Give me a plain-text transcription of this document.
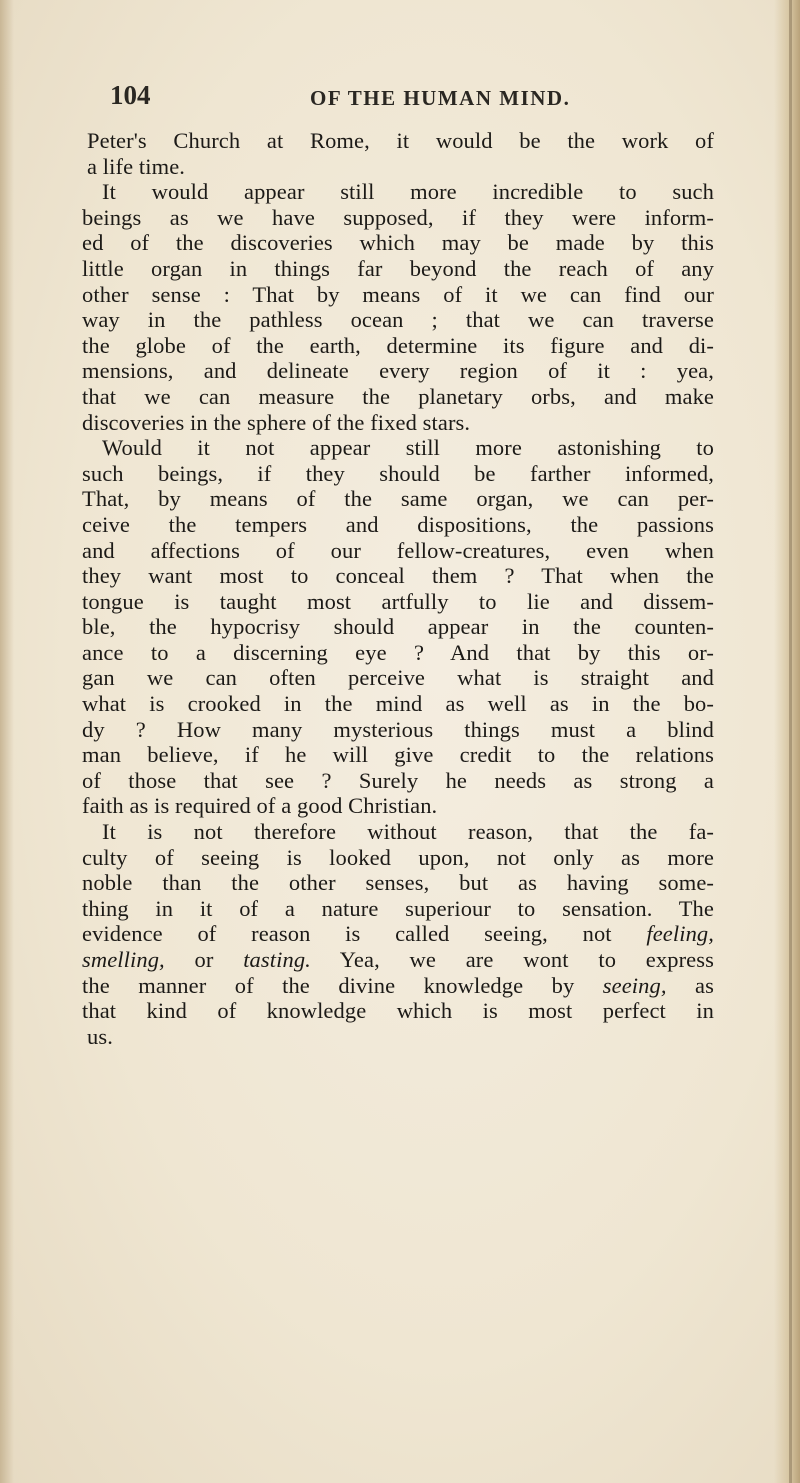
104	OF THE HUMAN MIND.
Peter's Church at Rome, it would be the work of
a life time.
It would appear still more incredible to such
beings as we have supposed, if they were inform-
ed of the discoveries which may be made by this
little organ in things far beyond the reach of any
other sense : That by means of it we can find our
way in the pathless ocean ; that we can traverse
the globe of the earth, determine its figure and di-
mensions, and delineate every region of it : yea,
that we can measure the planetary orbs, and make
discoveries in the sphere of the fixed stars.
Would it not appear still more astonishing to
such beings, if they should be farther informed,
That, by means of the same organ, we can per-
ceive the tempers and dispositions, the passions
and affections of our fellow-creatures, even when
they want most to conceal them ? That when the
tongue is taught most artfully to lie and dissem-
ble, the hypocrisy should appear in the counten-
ance to a discerning eye ? And that by this or-
gan we can often perceive what is straight and
what is crooked in the mind as well as in the bo-
dy ? How many mysterious things must a blind
man believe, if he will give credit to the relations
of those that see ? Surely he needs as strong a
faith as is required of a good Christian.
It is not therefore without reason, that the fa-
culty of seeing is looked upon, not only as more
noble than the other senses, but as having some-
thing in it of a nature superiour to sensation. The
evidence of reason is called seeing, not feeling,
smelling, or tasting. Yea, we are wont to express
the manner of the divine knowledge by seeing, as
that kind of knowledge which is most perfect in
us.
